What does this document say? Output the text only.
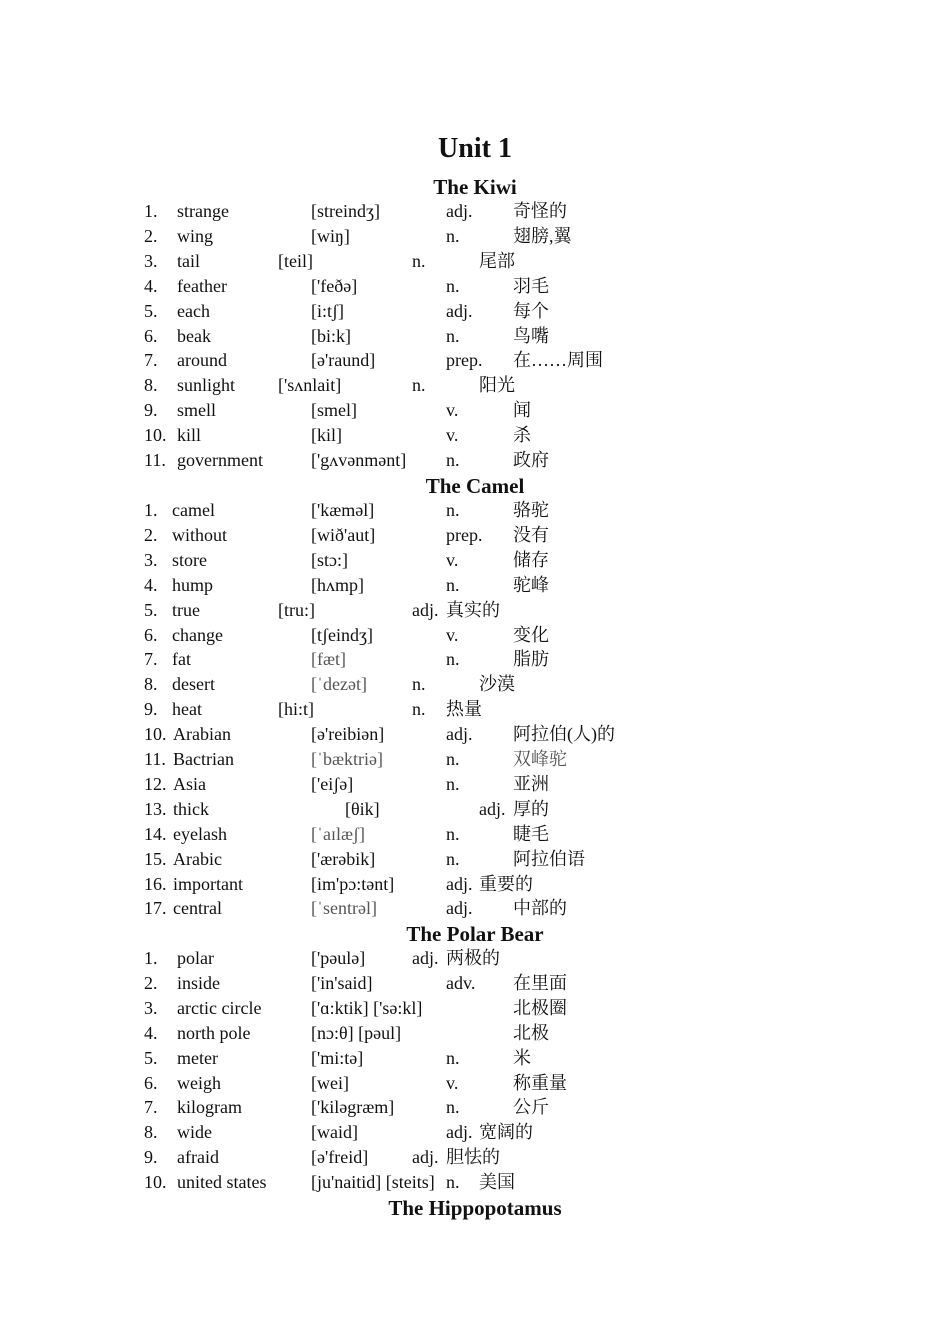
Unit 1
The Kiwi
1. strange	[streindʒ]	adj. 奇怪的
2. wing	[wiŋ]	n.	翅膀,翼
3. tail	[teil]	n.	尾部
4. feather	['feðə]	n.	羽毛
5. each	[i:tʃ]	adj. 每个
6. beak	[bi:k]	n.	鸟嘴
7. around	[ə'raund]	prep. 在……周围
8. sunlight ['sʌnlait]	n.	阳光
9. smell	[smel]	v.	闻
10. kill	[kil]	v.	杀
11. government	['gʌvənmənt] n.	政府
The Camel
1. camel	['kæməl]	n.	骆驼
2. without	[wið'aut]	prep. 没有
3. store	[stɔ:]	v.	储存
4. hump	[hʌmp]	n.	驼峰
5. true	[tru:]	adj. 真实的
6. change	[tʃeindʒ]	v.	变化
7. fat	[fæt]	n.	脂肪
8. desert	[ˈdezət]	n.	沙漠
9. heat	[hi:t]	n. 热量
10. Arabian	[ə'reibiən]	adj. 阿拉伯(人)的
11. Bactrian	[ˈbæktriə]	n.	双峰驼
12. Asia	['eiʃə]	n.	亚洲
13. thick	[θik]	adj. 厚的
14. eyelash	[ˈaɪlæʃ]	n.	睫毛
15. Arabic	['ærəbik]	n.	阿拉伯语
16. important	[im'pɔ:tənt]	adj. 重要的
17. central	[ˈsentrəl]	adj. 中部的
The Polar Bear
1. polar	['pəulə]	adj. 两极的
2. inside	['in'said]	adv. 在里面
3. arctic circle	['ɑ:ktik] ['sə:kl]	北极圈
4. north pole	[nɔ:θ] [pəul]	北极
5. meter	['mi:tə]	n.	米
6. weigh	[wei]	v.	称重量
7. kilogram	['kiləgræm]	n.	公斤
8. wide	[waid]	adj. 宽阔的
9. afraid	[ə'freid] adj. 胆怯的
10. united states [ju'naitid] [steits] n. 美国
The Hippopotamus
